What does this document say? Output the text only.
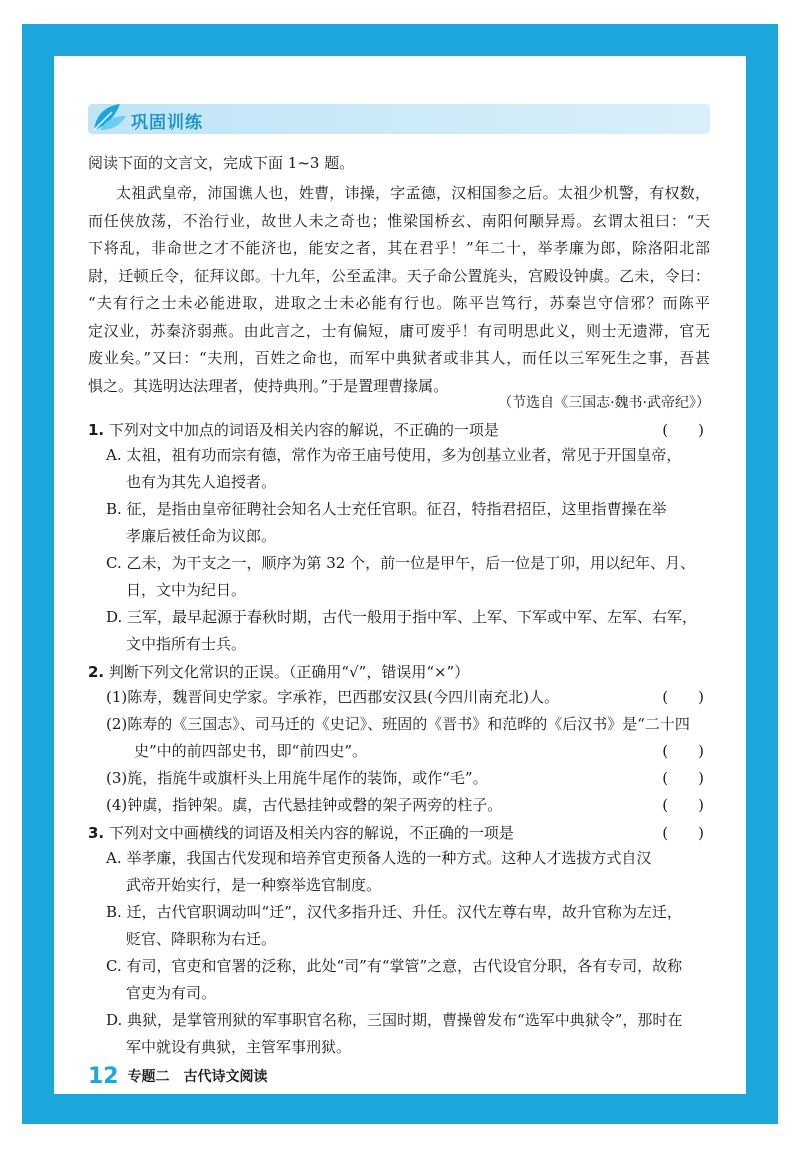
巩固训练
阅读下面的文言文，完成下面 1~3 题。
太祖武皇帝，沛国谯人也，姓曹，讳操，字孟德，汉相国参之后。太祖少机警，有权数，
而任侠放荡，不治行业，故世人未之奇也；惟梁国桥玄、南阳何颙异焉。玄谓太祖曰：“天
下将乱，非命世之才不能济也，能安之者，其在君乎！”年二十，举孝廉为郎，除洛阳北部
尉，迁顿丘令，征拜议郎。十九年，公至孟津。天子命公置旄头，宫殿设钟虡。乙未，令曰：
“夫有行之士未必能进取，进取之士未必能有行也。陈平岂笃行，苏秦岂守信邪？而陈平
定汉业，苏秦济弱燕。由此言之，士有偏短，庸可废乎！有司明思此义，则士无遗滞，官无
废业矣。”又曰：“夫刑，百姓之命也，而军中典狱者或非其人，而任以三军死生之事，吾甚
惧之。其选明达法理者，使持典刑。”于是置理曹掾属。
（节选自《三国志·魏书·武帝纪》）
1. 下列对文中加点的词语及相关内容的解说，不正确的一项是	(　　)
A. 太祖，祖有功而宗有德，常作为帝王庙号使用，多为创基立业者，常见于开国皇帝，
也有为其先人追授者。
B. 征，是指由皇帝征聘社会知名人士充任官职。征召，特指君招臣，这里指曹操在举
孝廉后被任命为议郎。
C. 乙未，为干支之一，顺序为第 32 个，前一位是甲午，后一位是丁卯，用以纪年、月、
日，文中为纪日。
D. 三军，最早起源于春秋时期，古代一般用于指中军、上军、下军或中军、左军、右军，
文中指所有士兵。
2. 判断下列文化常识的正误。（正确用“√”，错误用“×”）
(1)陈寿，魏晋间史学家。字承祚，巴西郡安汉县(今四川南充北)人。	(　　)
(2)陈寿的《三国志》、司马迁的《史记》、班固的《晋书》和范晔的《后汉书》是“二十四
史”中的前四部史书，即“前四史”。	(　　)
(3)旄，指旄牛或旗杆头上用旄牛尾作的装饰，或作“毛”。	(　　)
(4)钟虡，指钟架。虡，古代悬挂钟或磬的架子两旁的柱子。	(　　)
3. 下列对文中画横线的词语及相关内容的解说，不正确的一项是	(　　)
A. 举孝廉，我国古代发现和培养官吏预备人选的一种方式。这种人才选拔方式自汉
武帝开始实行，是一种察举选官制度。
B. 迁，古代官职调动叫“迁”，汉代多指升迁、升任。汉代左尊右卑，故升官称为左迁，
贬官、降职称为右迁。
C. 有司，官吏和官署的泛称，此处“司”有“掌管”之意，古代设官分职，各有专司，故称
官吏为有司。
D. 典狱，是掌管刑狱的军事职官名称，三国时期，曹操曾发布“选军中典狱令”，那时在
军中就设有典狱，主管军事刑狱。
12 专题二　古代诗文阅读
